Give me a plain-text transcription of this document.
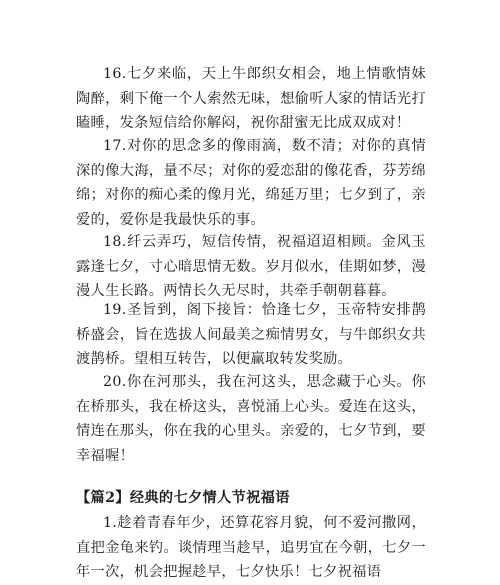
16.七夕来临，天上牛郎织女相会，地上情歌情妹陶醉，剩下俺一个人索然无味，想偷听人家的情话光打瞌睡，发条短信给你解闷，祝你甜蜜无比成双成对！

17.对你的思念多的像雨滴，数不清；对你的真情深的像大海，量不尽；对你的爱恋甜的像花香，芬芳绵绵；对你的痴心柔的像月光，绵延万里；七夕到了，亲爱的，爱你是我最快乐的事。

18.纤云弄巧，短信传情，祝福迢迢相顾。金风玉露逢七夕，寸心暗思情无数。岁月似水，佳期如梦，漫漫人生长路。两情长久无尽时，共牵手朝朝暮暮。

19.圣旨到，阁下接旨：恰逢七夕，玉帝特安排鹊桥盛会，旨在选拔人间最美之痴情男女，与牛郎织女共渡鹊桥。望相互转告，以便赢取转发奖励。

20.你在河那头，我在河这头，思念藏于心头。你在桥那头，我在桥这头，喜悦涌上心头。爱连在这头，情连在那头，你在我的心里头。亲爱的，七夕节到，要幸福喔！

【篇2】经典的七夕情人节祝福语

1.趁着青春年少，还算花容月貌，何不爱河撒网，直把金龟来钓。谈情理当趁早，追男宜在今朝，七夕一年一次，机会把握趁早，七夕快乐！七夕祝福语
